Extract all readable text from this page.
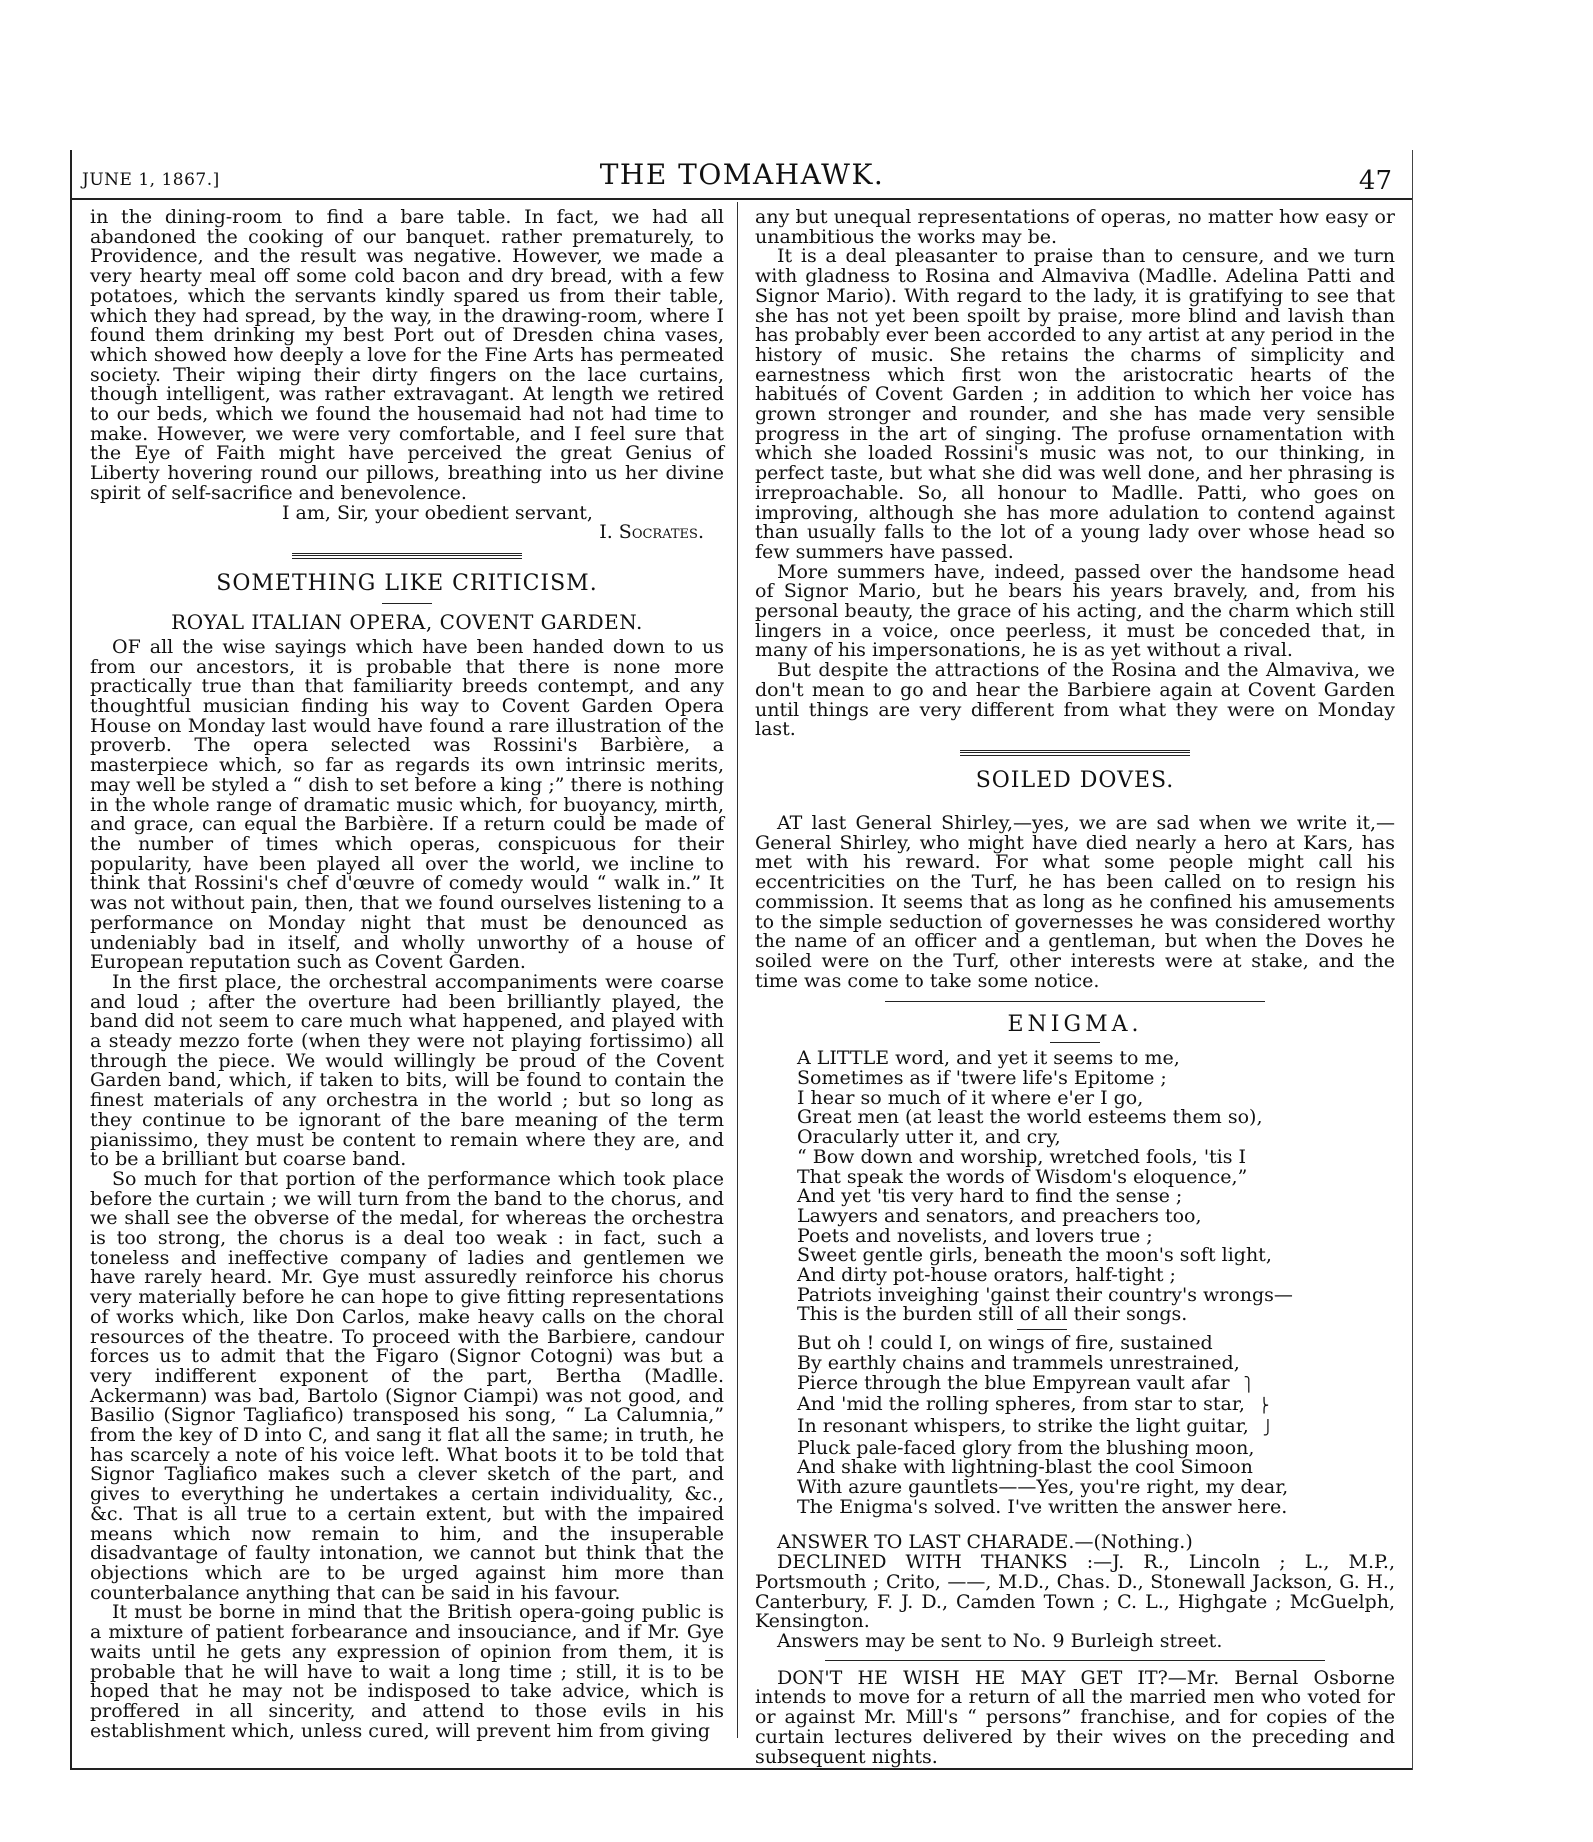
JUNE 1, 1867.]	THE TOMAHAWK.	47

in the dining-room to find a bare table. In fact, we had all abandoned the cooking of our banquet. rather prematurely, to Providence, and the result was negative. However, we made a very hearty meal off some cold bacon and dry bread, with a few potatoes, which the servants kindly spared us from their table, which they had spread, by the way, in the drawing-room, where I found them drinking my best Port out of Dresden china vases, which showed how deeply a love for the Fine Arts has permeated society. Their wiping their dirty fingers on the lace curtains, though intelligent, was rather extravagant. At length we retired to our beds, which we found the housemaid had not had time to make. However, we were very comfortable, and I feel sure that the Eye of Faith might have perceived the great Genius of Liberty hovering round our pillows, breathing into us her divine spirit of self-sacrifice and benevolence.

I am, Sir, your obedient servant,

I. Socrates.

SOMETHING LIKE CRITICISM.
ROYAL ITALIAN OPERA, COVENT GARDEN.

OF all the wise sayings which have been handed down to us from our ancestors, it is probable that there is none more practically true than that familiarity breeds contempt, and any thoughtful musician finding his way to Covent Garden Opera House on Monday last would have found a rare illustration of the proverb. The opera selected was Rossini's Barbière, a masterpiece which, so far as regards its own intrinsic merits, may well be styled a “ dish to set before a king ;” there is nothing in the whole range of dramatic music which, for buoyancy, mirth, and grace, can equal the Barbière. If a return could be made of the number of times which operas, conspicuous for their popularity, have been played all over the world, we incline to think that Rossini's chef d'œuvre of comedy would “ walk in.” It was not without pain, then, that we found ourselves listening to a performance on Monday night that must be denounced as undeniably bad in itself, and wholly unworthy of a house of European reputation such as Covent Garden.

In the first place, the orchestral accompaniments were coarse and loud ; after the overture had been brilliantly played, the band did not seem to care much what happened, and played with a steady mezzo forte (when they were not playing fortissimo) all through the piece. We would willingly be proud of the Covent Garden band, which, if taken to bits, will be found to contain the finest materials of any orchestra in the world ; but so long as they continue to be ignorant of the bare meaning of the term pianissimo, they must be content to remain where they are, and to be a brilliant but coarse band.

So much for that portion of the performance which took place before the curtain ; we will turn from the band to the chorus, and we shall see the obverse of the medal, for whereas the orchestra is too strong, the chorus is a deal too weak : in fact, such a toneless and ineffective company of ladies and gentlemen we have rarely heard. Mr. Gye must assuredly reinforce his chorus very materially before he can hope to give fitting representations of works which, like Don Carlos, make heavy calls on the choral resources of the theatre. To proceed with the Barbiere, candour forces us to admit that the Figaro (Signor Cotogni) was but a very indifferent exponent of the part, Bertha (Madlle. Ackermann) was bad, Bartolo (Signor Ciampi) was not good, and Basilio (Signor Tagliafico) transposed his song, “ La Calumnia,” from the key of D into C, and sang it flat all the same; in truth, he has scarcely a note of his voice left. What boots it to be told that Signor Tagliafico makes such a clever sketch of the part, and gives to everything he undertakes a certain individuality, &c., &c. That is all true to a certain extent, but with the impaired means which now remain to him, and the insuperable disadvantage of faulty intonation, we cannot but think that the objections which are to be urged against him more than counterbalance anything that can be said in his favour.

It must be borne in mind that the British opera-going public is a mixture of patient forbearance and insouciance, and if Mr. Gye waits until he gets any expression of opinion from them, it is probable that he will have to wait a long time ; still, it is to be hoped that he may not be indisposed to take advice, which is proffered in all sincerity, and attend to those evils in his establishment which, unless cured, will prevent him from giving

any but unequal representations of operas, no matter how easy or unambitious the works may be.

It is a deal pleasanter to praise than to censure, and we turn with gladness to Rosina and Almaviva (Madlle. Adelina Patti and Signor Mario). With regard to the lady, it is gratifying to see that she has not yet been spoilt by praise, more blind and lavish than has probably ever been accorded to any artist at any period in the history of music. She retains the charms of simplicity and earnestness which first won the aristocratic hearts of the habitués of Covent Garden ; in addition to which her voice has grown stronger and rounder, and she has made very sensible progress in the art of singing. The profuse ornamentation with which she loaded Rossini's music was not, to our thinking, in perfect taste, but what she did was well done, and her phrasing is irreproachable. So, all honour to Madlle. Patti, who goes on improving, although she has more adulation to contend against than usually falls to the lot of a young lady over whose head so few summers have passed.

More summers have, indeed, passed over the handsome head of Signor Mario, but he bears his years bravely, and, from his personal beauty, the grace of his acting, and the charm which still lingers in a voice, once peerless, it must be conceded that, in many of his impersonations, he is as yet without a rival.

But despite the attractions of the Rosina and the Almaviva, we don't mean to go and hear the Barbiere again at Covent Garden until things are very different from what they were on Monday last.

SOILED DOVES.

AT last General Shirley,—yes, we are sad when we write it,— General Shirley, who might have died nearly a hero at Kars, has met with his reward. For what some people might call his eccentricities on the Turf, he has been called on to resign his commission. It seems that as long as he confined his amusements to the simple seduction of governesses he was considered worthy the name of an officer and a gentleman, but when the Doves he soiled were on the Turf, other interests were at stake, and the time was come to take some notice.

ENIGMA.
A LITTLE word, and yet it seems to me,
Sometimes as if 'twere life's Epitome ;
I hear so much of it where e'er I go,
Great men (at least the world esteems them so),
Oracularly utter it, and cry,
“ Bow down and worship, wretched fools, 'tis I
That speak the words of Wisdom's eloquence,”
And yet 'tis very hard to find the sense ;
Lawyers and senators, and preachers too,
Poets and novelists, and lovers true ;
Sweet gentle girls, beneath the moon's soft light,
And dirty pot-house orators, half-tight ;
Patriots inveighing 'gainst their country's wrongs—
This is the burden still of all their songs.
But oh ! could I, on wings of fire, sustained
By earthly chains and trammels unrestrained,
Pierce through the blue Empyrean vault afar ⎫
And 'mid the rolling spheres, from star to star, ⎬
In resonant whispers, to strike the light guitar, ⎭
Pluck pale-faced glory from the blushing moon,
And shake with lightning-blast the cool Simoon
With azure gauntlets——Yes, you're right, my dear,
The Enigma's solved. I've written the answer here.

ANSWER TO LAST CHARADE.—(Nothing.)

DECLINED WITH THANKS :—J. R., Lincoln ; L., M.P., Portsmouth ; Crito, ——, M.D., Chas. D., Stonewall Jackson, G. H., Canterbury, F. J. D., Camden Town ; C. L., Highgate ; McGuelph, Kensington.

Answers may be sent to No. 9 Burleigh street.

DON'T HE WISH HE MAY GET IT?—Mr. Bernal Osborne intends to move for a return of all the married men who voted for or against Mr. Mill's “ persons” franchise, and for copies of the curtain lectures delivered by their wives on the preceding and subsequent nights.
